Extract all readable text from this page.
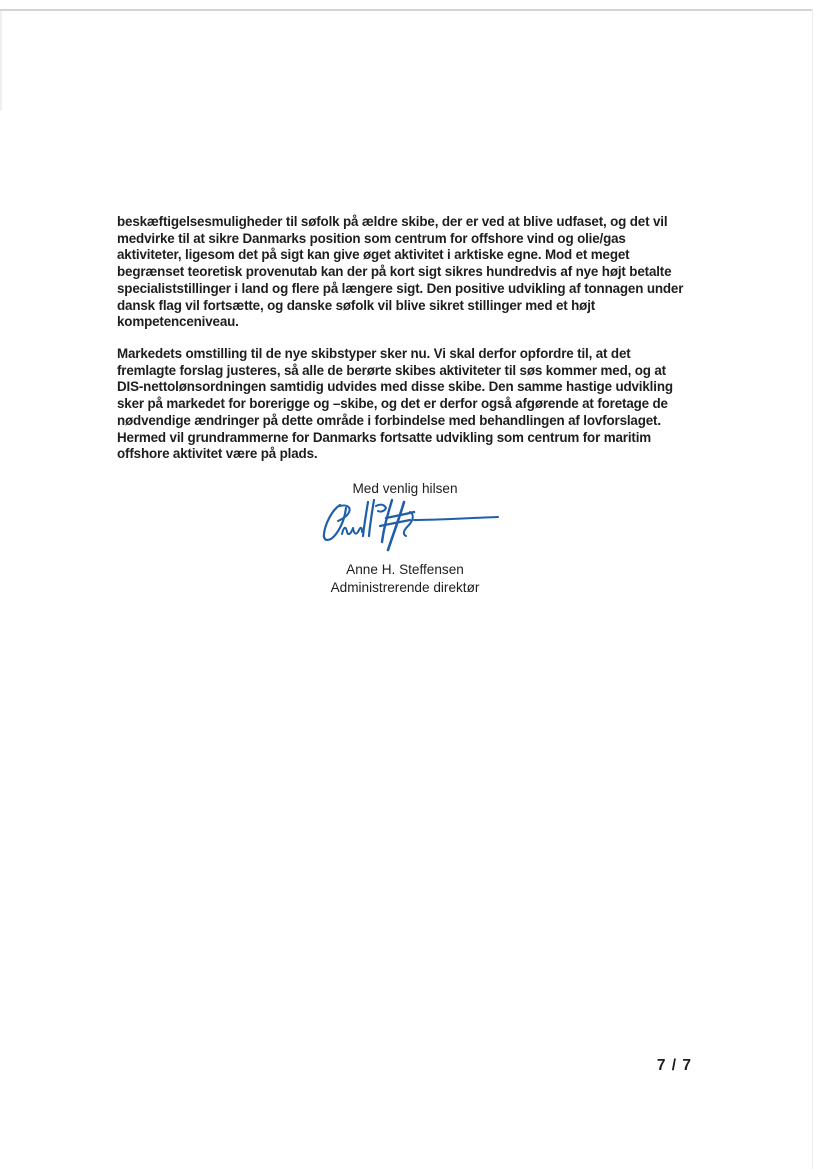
beskæftigelsesmuligheder til søfolk på ældre skibe, der er ved at blive udfaset, og det vil
medvirke til at sikre Danmarks position som centrum for offshore vind og olie/gas
aktiviteter, ligesom det på sigt kan give øget aktivitet i arktiske egne. Mod et meget
begrænset teoretisk provenutab kan der på kort sigt sikres hundredvis af nye højt betalte
specialiststillinger i land og flere på længere sigt. Den positive udvikling af tonnagen under
dansk flag vil fortsætte, og danske søfolk vil blive sikret stillinger med et højt
kompetenceniveau.

Markedets omstilling til de nye skibstyper sker nu. Vi skal derfor opfordre til, at det
fremlagte forslag justeres, så alle de berørte skibes aktiviteter til søs kommer med, og at
DIS-nettolønsordningen samtidig udvides med disse skibe. Den samme hastige udvikling
sker på markedet for borerigge og –skibe, og det er derfor også afgørende at foretage de
nødvendige ændringer på dette område i forbindelse med behandlingen af lovforslaget.
Hermed vil grundrammerne for Danmarks fortsatte udvikling som centrum for maritim
offshore aktivitet være på plads.

Med venlig hilsen
Anne H. Steffensen
Administrerende direktør
7 / 7
